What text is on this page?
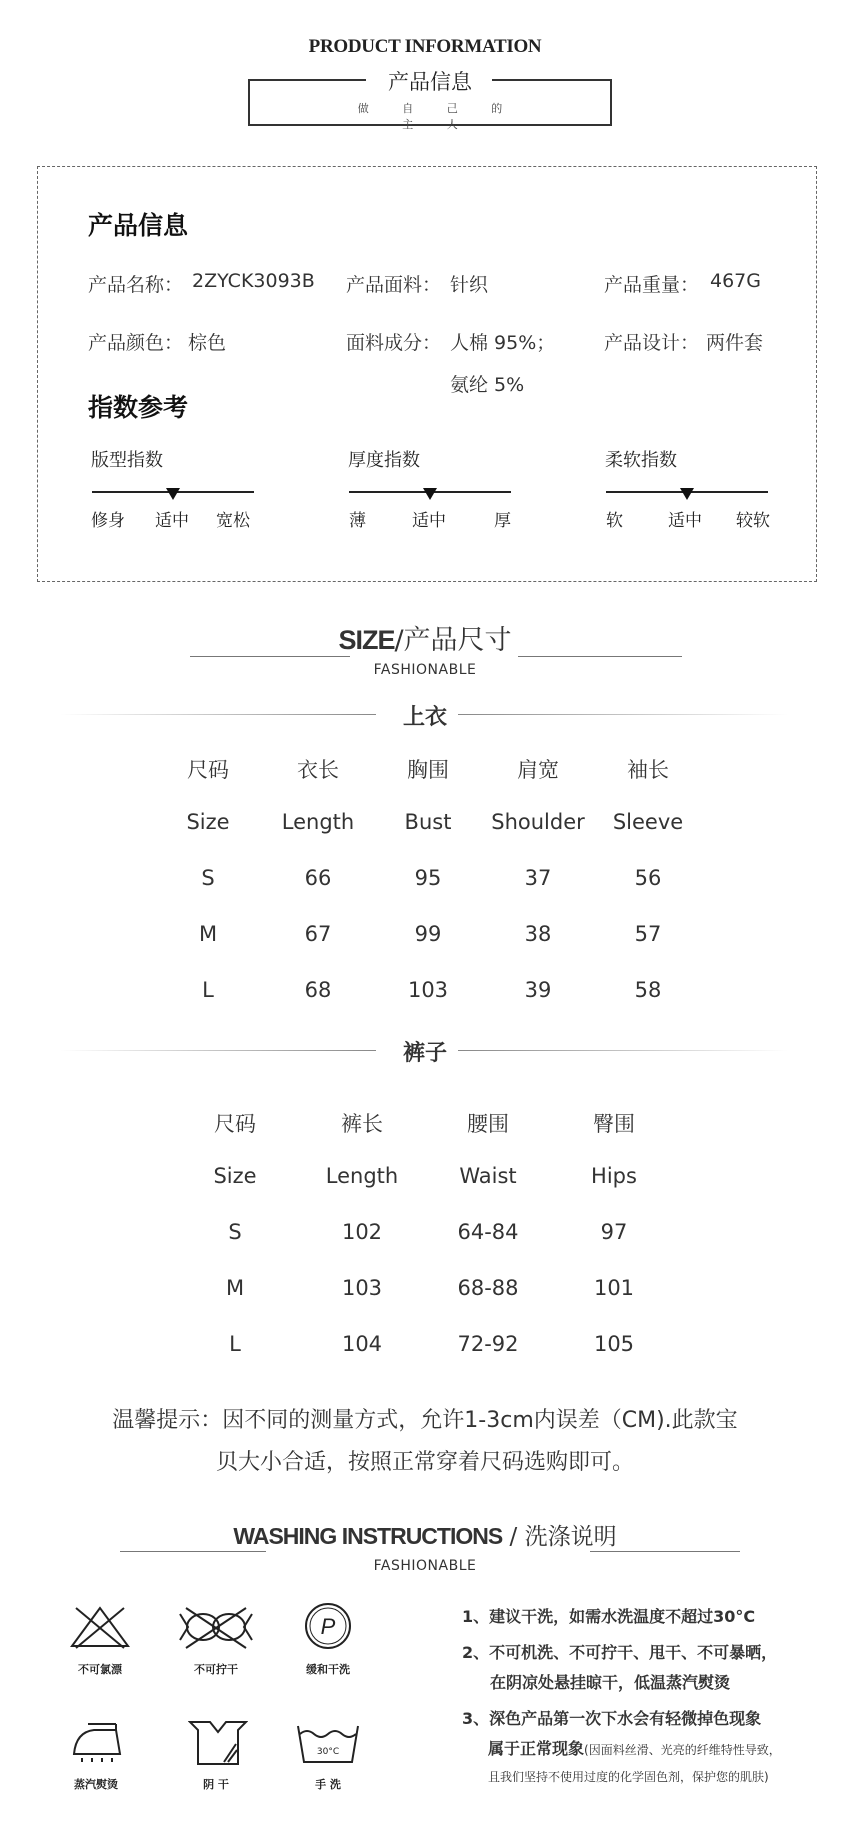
PRODUCT INFORMATION
产品信息
做 自 己 的 主 人
产品信息
产品名称： 2ZYCK3093B 产品面料： 针织	产品重量： 467G
产品颜色： 棕色	面料成分： 人棉 95%；
氨纶 5%
产品设计： 两件套
指数参考
版型指数
修身 适中 宽松
厚度指数
薄	适中	厚
柔软指数
软	适中 较软
SIZE/产品尺寸
FASHIONABLE
上衣
尺码	衣长	胸围	肩宽	袖长
Size	Length	Bust	Shoulder	Sleeve
S	66	95	37	56
M	67	99	38	57
L	68	103	39	58
裤子
尺码	裤长	腰围	臀围
Size	Length	Waist	Hips
S	102	64-84	97
M	103	68-88	101
L	104	72-92	105
温馨提示：因不同的测量方式，允许1-3cm内误差（CM).此款宝
贝大小合适，按照正常穿着尺码选购即可。
WASHING INSTRUCTIONS / 洗涤说明
FASHIONABLE
不可氯漂	不可拧干
P
缓和干洗
蒸汽熨烫	阴 干
30°C
手 洗
1、建议干洗，如需水洗温度不超过30°C
2、不可机洗、不可拧干、甩干、不可暴晒，
在阴凉处悬挂晾干，低温蒸汽熨烫
3、深色产品第一次下水会有轻微掉色现象
属于正常现象(因面料丝滑、光亮的纤维特性导致，
且我们坚持不使用过度的化学固色剂，保护您的肌肤)
